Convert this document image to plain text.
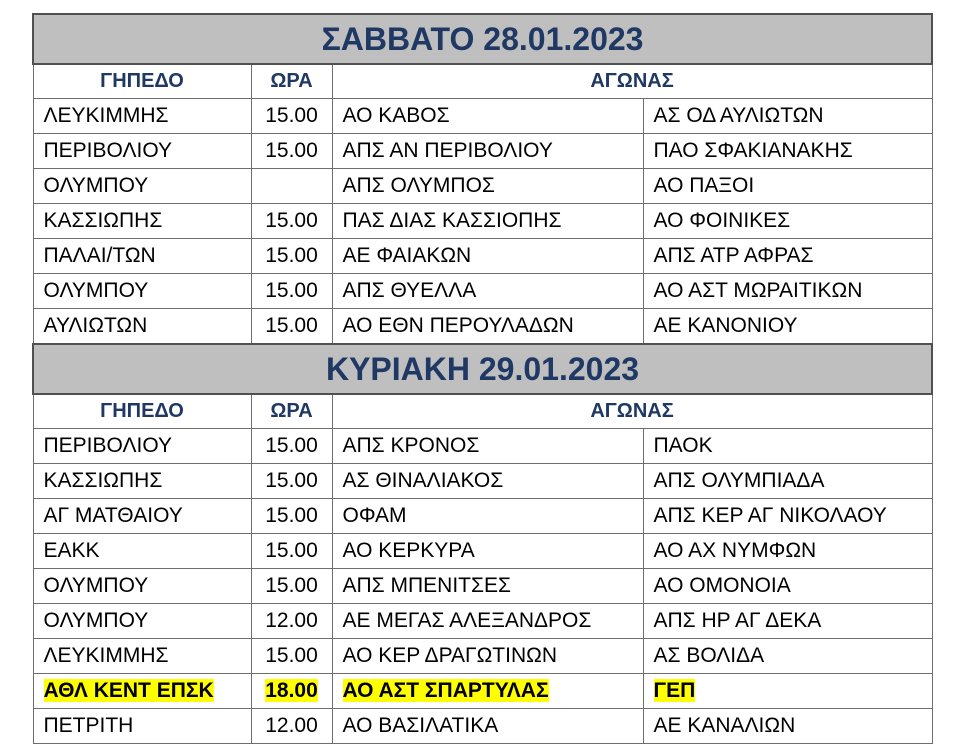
ΣΑΒΒΑΤΟ 28.01.2023			
ΓΗΠΕΔΟ	ΩΡΑ	ΑΓΩΝΑΣ	
ΛΕΥΚΙΜΜΗΣ	15.00	ΑΟ ΚΑΒΟΣ	ΑΣ ΟΔ ΑΥΛΙΩΤΩΝ
ΠΕΡΙΒΟΛΙΟΥ	15.00	ΑΠΣ ΑΝ ΠΕΡΙΒΟΛΙΟΥ	ΠΑΟ ΣΦΑΚΙΑΝΑΚΗΣ
ΟΛΥΜΠΟΥ		ΑΠΣ ΟΛΥΜΠΟΣ	ΑΟ ΠΑΞΟΙ
ΚΑΣΣΙΩΠΗΣ	15.00	ΠΑΣ ΔΙΑΣ ΚΑΣΣΙΟΠΗΣ	ΑΟ ΦΟΙΝΙΚΕΣ
ΠΑΛΑΙ/ΤΩΝ	15.00	ΑΕ ΦΑΙΑΚΩΝ	ΑΠΣ ΑΤΡ ΑΦΡΑΣ
ΟΛΥΜΠΟΥ	15.00	ΑΠΣ ΘΥΕΛΛΑ	ΑΟ ΑΣΤ ΜΩΡΑΙΤΙΚΩΝ
ΑΥΛΙΩΤΩΝ	15.00	ΑΟ ΕΘΝ ΠΕΡΟΥΛΑΔΩΝ	ΑΕ ΚΑΝΟΝΙΟΥ
ΚΥΡΙΑΚΗ 29.01.2023			
ΓΗΠΕΔΟ	ΩΡΑ	ΑΓΩΝΑΣ	
ΠΕΡΙΒΟΛΙΟΥ	15.00	ΑΠΣ ΚΡΟΝΟΣ	ΠΑΟΚ
ΚΑΣΣΙΩΠΗΣ	15.00	ΑΣ ΘΙΝΑΛΙΑΚΟΣ	ΑΠΣ ΟΛΥΜΠΙΑΔΑ
ΑΓ ΜΑΤΘΑΙΟΥ	15.00	ΟΦΑΜ	ΑΠΣ ΚΕΡ ΑΓ ΝΙΚΟΛΑΟΥ
ΕΑΚΚ	15.00	ΑΟ ΚΕΡΚΥΡΑ	ΑΟ ΑΧ ΝΥΜΦΩΝ
ΟΛΥΜΠΟΥ	15.00	ΑΠΣ ΜΠΕΝΙΤΣΕΣ	ΑΟ ΟΜΟΝΟΙΑ
ΟΛΥΜΠΟΥ	12.00	ΑΕ ΜΕΓΑΣ ΑΛΕΞΑΝΔΡΟΣ	ΑΠΣ ΗΡ ΑΓ ΔΕΚΑ
ΛΕΥΚΙΜΜΗΣ	15.00	ΑΟ ΚΕΡ ΔΡΑΓΩΤΙΝΩΝ	ΑΣ ΒΟΛΙΔΑ
ΑΘΛ ΚΕΝΤ ΕΠΣΚ	18.00	ΑΟ ΑΣΤ ΣΠΑΡΤΥΛΑΣ	ΓΕΠ
ΠΕΤΡΙΤΗ	12.00	ΑΟ ΒΑΣΙΛΑΤΙΚΑ	ΑΕ ΚΑΝΑΛΙΩΝ
